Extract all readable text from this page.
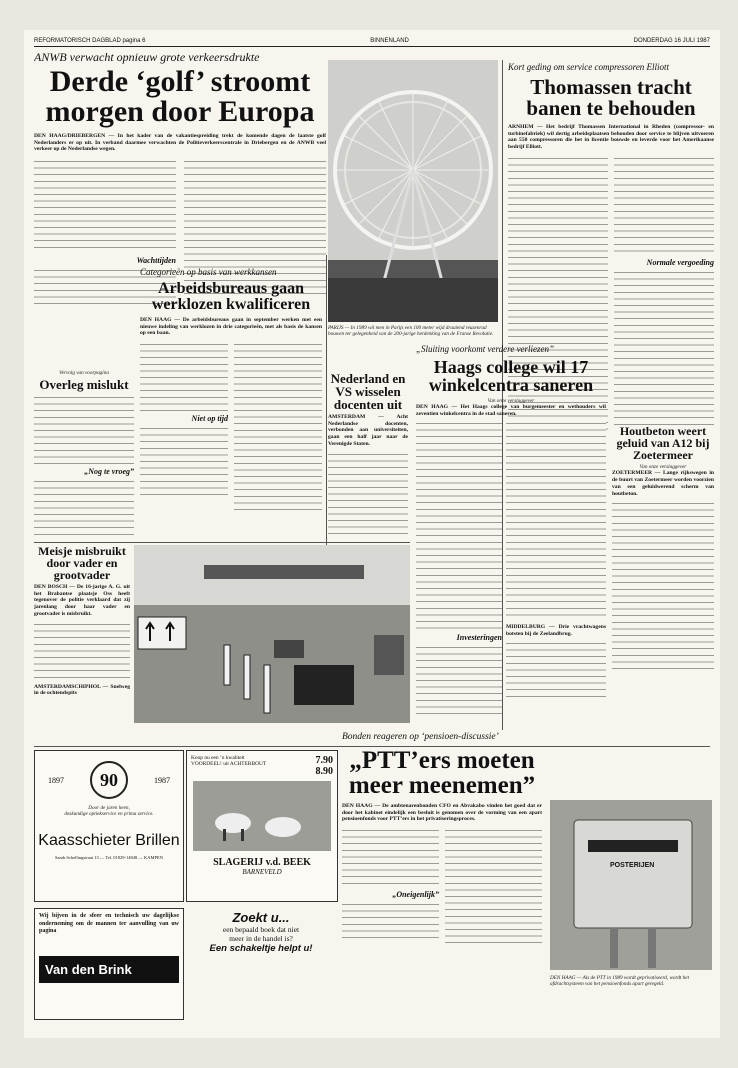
REFORMATORISCH DAGBLAD pagina 6	BINNENLAND	DONDERDAG 16 JULI 1987
ANWB verwacht opnieuw grote verkeersdrukte
Derde ‘golf’ stroomt morgen door Europa
DEN HAAG/DRIEBERGEN — In het kader van de vakantiespreiding trekt de komende dagen de laatste golf Nederlanders er op uit. In verband daarmee verwachten de Politieverkeerscentrale in Driebergen en de ANWB veel verkeer op de Nederlandse wegen.
Wachttijden
PARIJS — In 1989 wil men in Parijs een 100 meter wijd draaiend reuzenrad bouwen ter gelegenheid van de 200-jarige herdenking van de Franse Revolutie.
Kort geding om service compressoren Elliott
Thomassen tracht banen te behouden
ARNHEM — Het bedrijf Thomassen International in Rheden (compressor- en turbinefabriek) wil dertig arbeidsplaatsen behouden door service te blijven uitvoeren aan 550 compressoren die het in licentie bouwde en leverde voor het Amerikaanse bedrijf Elliott.
Normale vergoeding
Vervolg van voorpagina
Overleg mislukt
„Nog te vroeg”
Categorieën op basis van werkkansen
Arbeidsbureaus gaan werklozen kwalificeren
DEN HAAG — De arbeidsbureaus gaan in september werken met een nieuwe indeling van werklozen in drie categorieën, met als basis de kansen op een baan.
Niet op tijd
Nederland en VS wisselen docenten uit
AMSTERDAM — Acht Nederlandse docenten, verbonden aan universiteiten, gaan een half jaar naar de Verenigde Staten.
„Sluiting voorkomt verdere verliezen”
Haags college wil 17 winkelcentra saneren
Van onze verslaggever
DEN HAAG — Het Haags college van burgemeester en wethouders wil zeventien winkelcentra in de stad saneren.
Investeringen
MIDDELBURG — Drie vrachtwagens botsten bij de Zeelandbrug.
Houtbeton weert geluid van A12 bij Zoetermeer
Van onze verslaggever
ZOETERMEER — Lange rijkswegen in de buurt van Zoetermeer worden voorzien van een geluidwerend scherm van houtbeton.
Meisje misbruikt door vader en grootvader
DEN BOSCH — De 16-jarige A. G. uit het Brabantse plaatsje Oss heeft tegenover de politie verklaard dat zij jarenlang door haar vader en grootvader is misbruikt.
AMSTERDAMSCHIPHOL — Snelweg in de ochtendspits
1897	90	1987
Door de jaren heen,
deskundige optiekservice en prima service.
Kaasschieter Brillen
Sarah Schellingstraat 13 — Tel. 01829-14848 — KAMPEN
Koop nu een ’n kwaliteit VOORDEEL! uit ACHTERBOUT	7.90
8.90
SLAGERIJ v.d. BEEK
BARNEVELD
Zoekt u...
een bepaald boek dat niet
meer in de handel is?
Een schakeltje helpt u!
Wij bijven in de sfeer en technisch uw dagelijkse onderneming om de mannen ter aanvulling van uw pagina
Van den Brink
Bonden reageren op ‘pensioen-discussie’
„PTT’ers moeten meer meenemen”
DEN HAAG — De ambtenarenbonden CFO en Abvakabo vinden het goed dat er door het kabinet eindelijk een besluit is genomen over de vorming van een apart pensioenfonds voor PTT’ers in het privatiseringsproces.
„Oneigenlijk”
POSTERIJEN
DEN HAAG — Als de PTT in 1989 wordt geprivatiseerd, wordt het afdrachtsysteem van het pensioenfonds apart geregeld.
